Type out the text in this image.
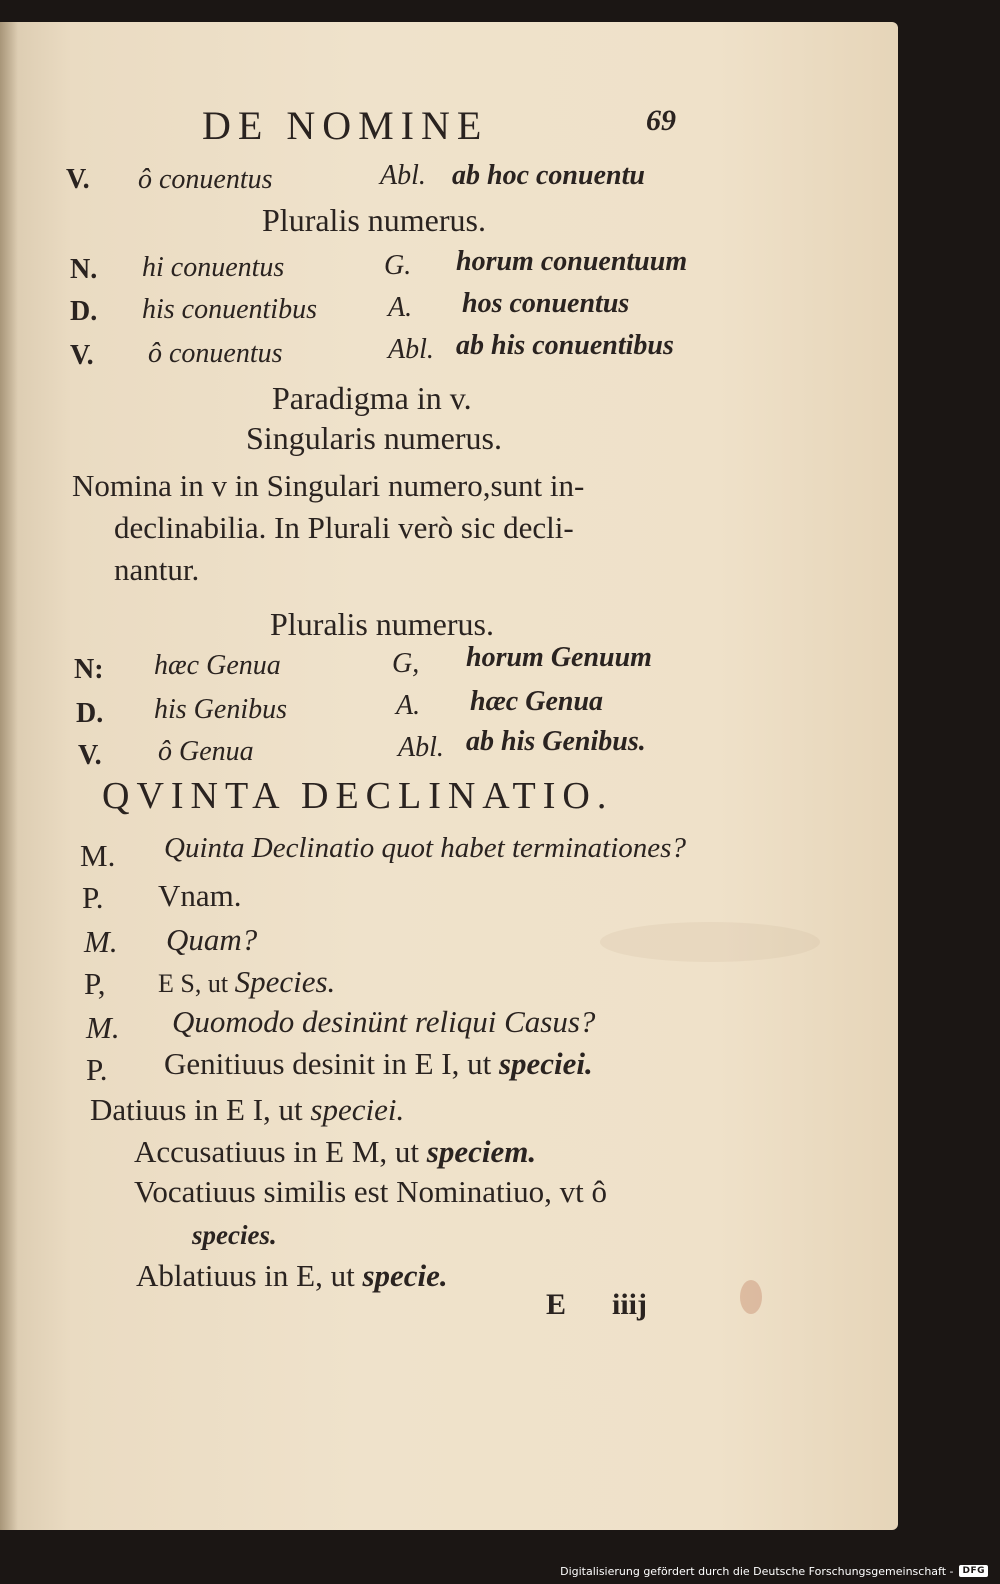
DE NOMINE	69
V. ô conuentus	Abl. ab hoc conuentu
Pluralis numerus.
N. hi conuentus	G. horum conuentuum
D. his conuentibus	A. hos conuentus
V. ô conuentus	Abl. ab his conuentibus
Paradigma in v.
Singularis numerus.
Nomina in v in Singulari numero,sunt in-
declinabilia. In Plurali verò sic decli-
nantur.
Pluralis numerus.
N: hæc Genua	G, horum Genuum
D. his Genibus	A. hæc Genua
V. ô Genua	Abl. ab his Genibus.
QVINTA DECLINATIO.
M. Quinta Declinatio quot habet terminationes?
P. Vnam.
M. Quam?
P, E S, ut Species.
M. Quomodo desinünt reliqui Casus?
P. Genitiuus desinit in E I, ut speciei.
Datiuus in E I, ut speciei.
Accusatiuus in E M, ut speciem.
Vocatiuus similis est Nominatiuo, vt ô
species.
Ablatiuus in E, ut specie.
E iiij
Digitalisierung gefördert durch die Deutsche Forschungsgemeinschaft -	DFG
